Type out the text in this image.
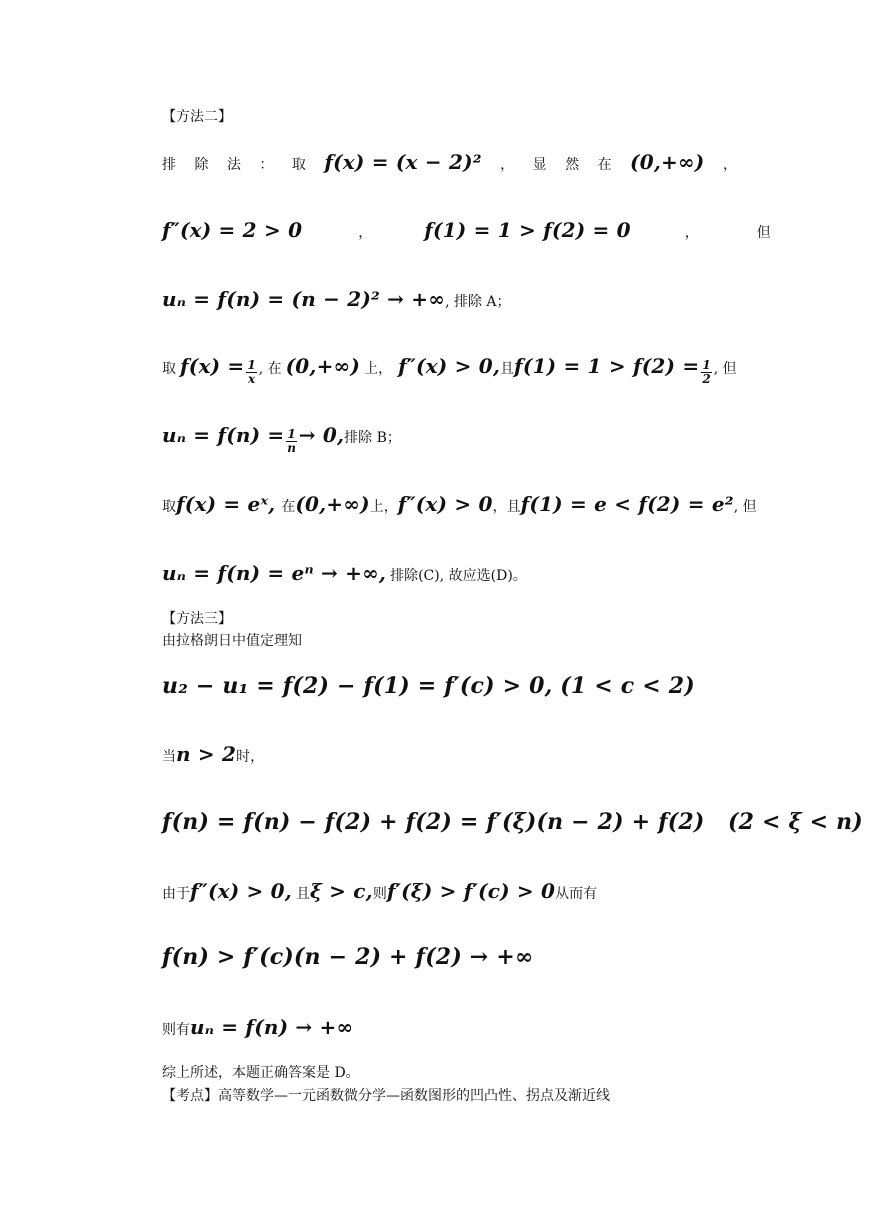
【方法二】
排 除 法 ： 取 f(x) = (x − 2)² ， 显 然 在 (0,+∞) ，
f″(x) = 2 > 0	，	f(1) = 1 > f(2) = 0	，	但
uₙ = f(n) = (n − 2)² → +∞ , 排除 A；
取 $f(x) = \frac{1}{x}$ , 在 (0,+∞) 上， f″(x) > 0, 且 $f(1) = 1 > f(2) = \frac{1}{2}$ , 但
$u_n = f(n) = \frac{1}{n} \to 0$, 排除 B；
取 f(x) = eˣ, 在 (0,+∞) 上， f″(x) > 0 ，且 f(1) = e < f(2) = e² , 但
uₙ = f(n) = eⁿ → +∞, 排除(C), 故应选(D)。
【方法三】
由拉格朗日中值定理知
u₂ − u₁ = f(2) − f(1) = f′(c) > 0, (1 < c < 2)
当 n > 2 时，
f(n) = f(n) − f(2) + f(2) = f′(ξ)(n − 2) + f(2)   (2 < ξ < n)
由于 f″(x) > 0, 且 ξ > c, 则 f′(ξ) > f′(c) > 0 从而有
f(n) > f′(c)(n − 2) + f(2) → +∞
则有 uₙ = f(n) → +∞
综上所述，本题正确答案是 D。
【考点】 高等数学—一元函数微分学—函数图形的凹凸性、拐点及渐近线
